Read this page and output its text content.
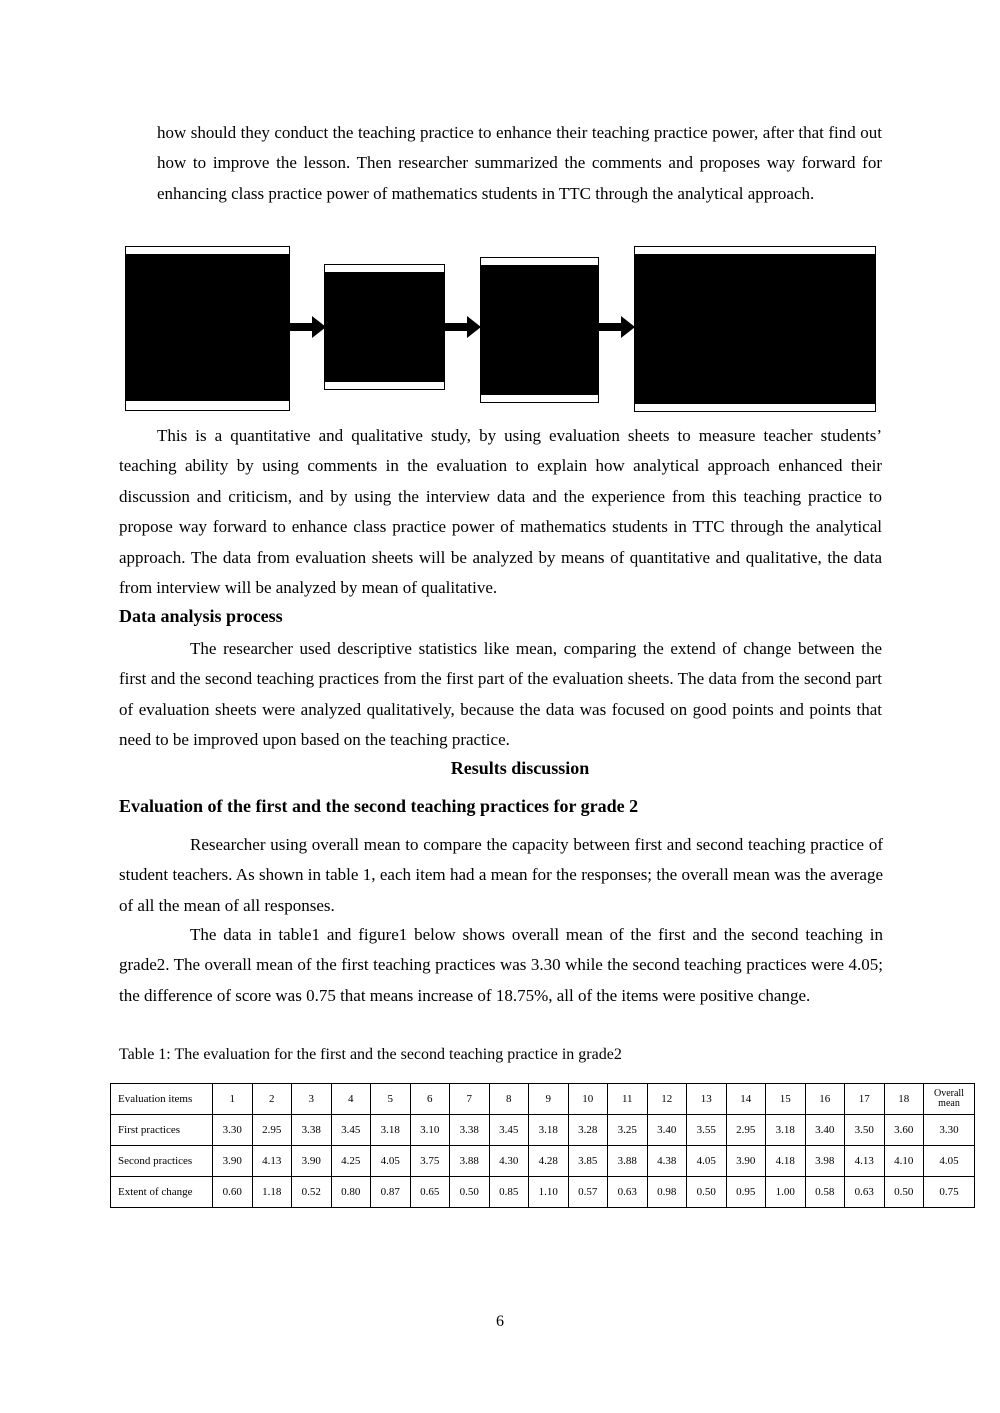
how should they conduct the teaching practice to enhance their teaching practice power, after that find out how to improve the lesson. Then researcher summarized the comments and proposes way forward for enhancing class practice power of mathematics students in TTC through the analytical approach.

This is a quantitative and qualitative study, by using evaluation sheets to measure teacher students’ teaching ability by using comments in the evaluation to explain how analytical approach enhanced their discussion and criticism, and by using the interview data and the experience from this teaching practice to propose way forward to enhance class practice power of mathematics students in TTC through the analytical approach. The data from evaluation sheets will be analyzed by means of quantitative and qualitative, the data from interview will be analyzed by mean of qualitative.

Data analysis process

The researcher used descriptive statistics like mean, comparing the extend of change between the first and the second teaching practices from the first part of the evaluation sheets. The data from the second part of evaluation sheets were analyzed qualitatively, because the data was focused on good points and points that need to be improved upon based on the teaching practice.

Results discussion
Evaluation of the first and the second teaching practices for grade 2

Researcher using overall mean to compare the capacity between first and second teaching practice of student teachers. As shown in table 1, each item had a mean for the responses; the overall mean was the average of all the mean of all responses.

The data in table1 and figure1 below shows overall mean of the first and the second teaching in grade2. The overall mean of the first teaching practices was 3.30 while the second teaching practices were 4.05; the difference of score was 0.75 that means increase of 18.75%, all of the items were positive change.

Table 1: The evaluation for the first and the second teaching practice in grade2

Evaluation items	1	2	3	4	5	6	7	8	9	10	11	12	13	14	15	16	17	18	Overall mean
First practices	3.30	2.95	3.38	3.45	3.18	3.10	3.38	3.45	3.18	3.28	3.25	3.40	3.55	2.95	3.18	3.40	3.50	3.60	3.30
Second practices	3.90	4.13	3.90	4.25	4.05	3.75	3.88	4.30	4.28	3.85	3.88	4.38	4.05	3.90	4.18	3.98	4.13	4.10	4.05
Extent of change	0.60	1.18	0.52	0.80	0.87	0.65	0.50	0.85	1.10	0.57	0.63	0.98	0.50	0.95	1.00	0.58	0.63	0.50	0.75
6
